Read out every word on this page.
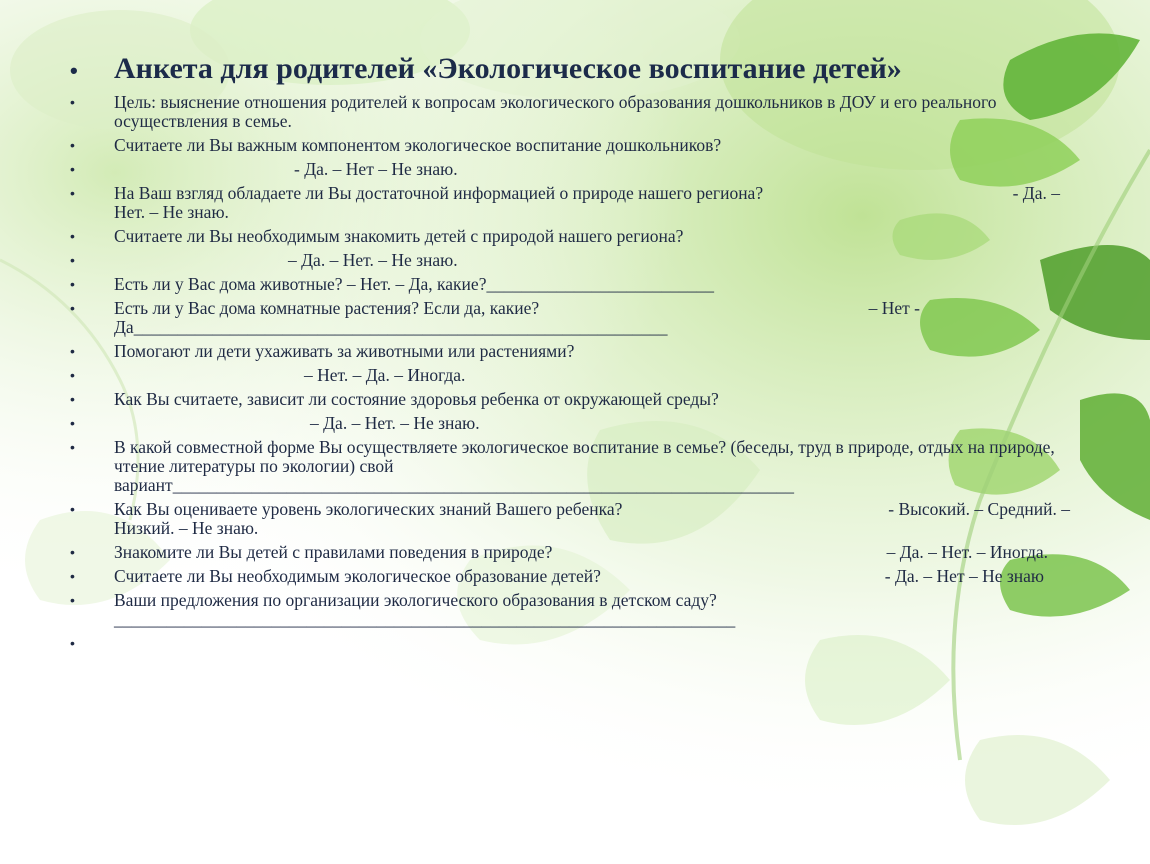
• Анкета для родителей «Экологическое воспитание детей»
• Цель: выяснение отношения родителей к вопросам экологического образования дошкольников в ДОУ и его реального осуществления в семье.
• Считаете ли Вы важным компонентом экологическое воспитание дошкольников?
•	- Да. – Нет – Не знаю.
• На Ваш взгляд обладаете ли Вы достаточной информацией о природе нашего региона?	- Да. –
Нет. – Не знаю.
• Считаете ли Вы необходимым знакомить детей с природой нашего региона?
•	– Да. – Нет. – Не знаю.
• Есть ли у Вас дома животные? – Нет. – Да, какие?__________________________
• Есть ли у Вас дома комнатные растения? Если да, какие?	– Нет -
Да_____________________________________________________________
• Помогают ли дети ухаживать за животными или растениями?
•	– Нет. – Да. – Иногда.
• Как Вы считаете, зависит ли состояние здоровья ребенка от окружающей среды?
•	– Да. – Нет. – Не знаю.
• В какой совместной форме Вы осуществляете экологическое воспитание в семье? (беседы, труд в природе, отдых на природе, чтение литературы по экологии) свой вариант_______________________________________________________________________
• Как Вы оцениваете уровень экологических знаний Вашего ребенка?	- Высокий. – Средний. –
Низкий. – Не знаю.
• Знакомите ли Вы детей с правилами поведения в природе?	– Да. – Нет. – Иногда.
• Считаете ли Вы необходимым экологическое образование детей?	- Да. – Нет – Не знаю
• Ваши предложения по организации экологического образования в детском саду?_______________________________________________________________________
•
